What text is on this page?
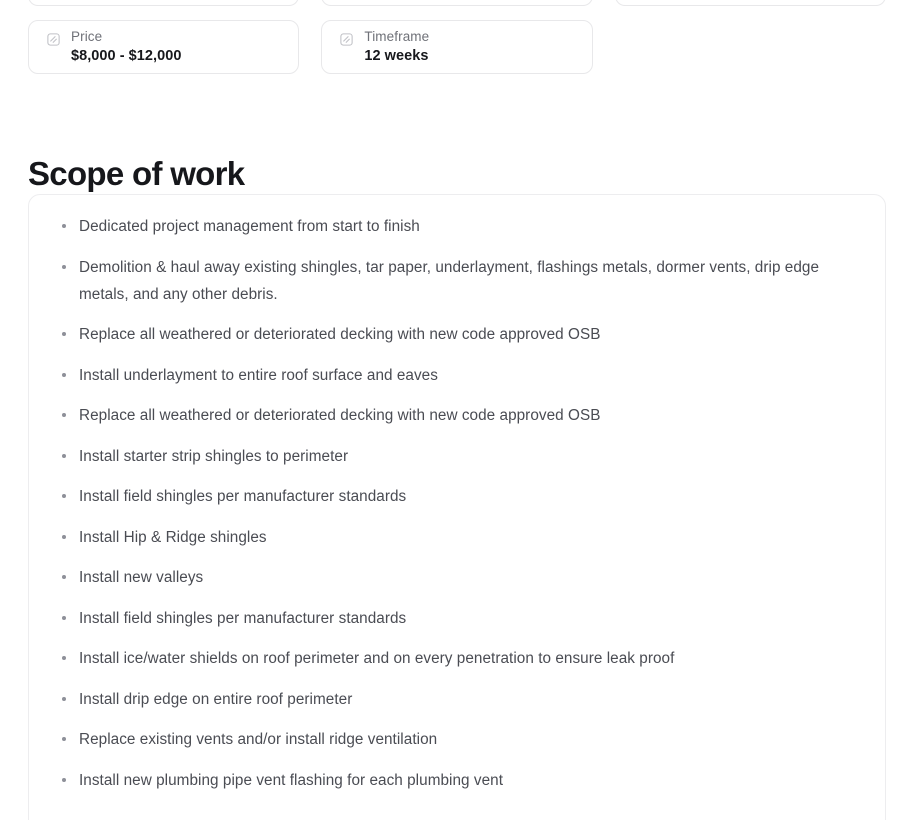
Price
$8,000 - $12,000
Timeframe
12 weeks
Scope of work
Dedicated project management from start to finish
Demolition & haul away existing shingles, tar paper, underlayment, flashings metals, dormer vents, drip edge metals, and any other debris.
Replace all weathered or deteriorated decking with new code approved OSB
Install underlayment to entire roof surface and eaves
Replace all weathered or deteriorated decking with new code approved OSB
Install starter strip shingles to perimeter
Install field shingles per manufacturer standards
Install Hip & Ridge shingles
Install new valleys
Install field shingles per manufacturer standards
Install ice/water shields on roof perimeter and on every penetration to ensure leak proof
Install drip edge on entire roof perimeter
Replace existing vents and/or install ridge ventilation
Install new plumbing pipe vent flashing for each plumbing vent
